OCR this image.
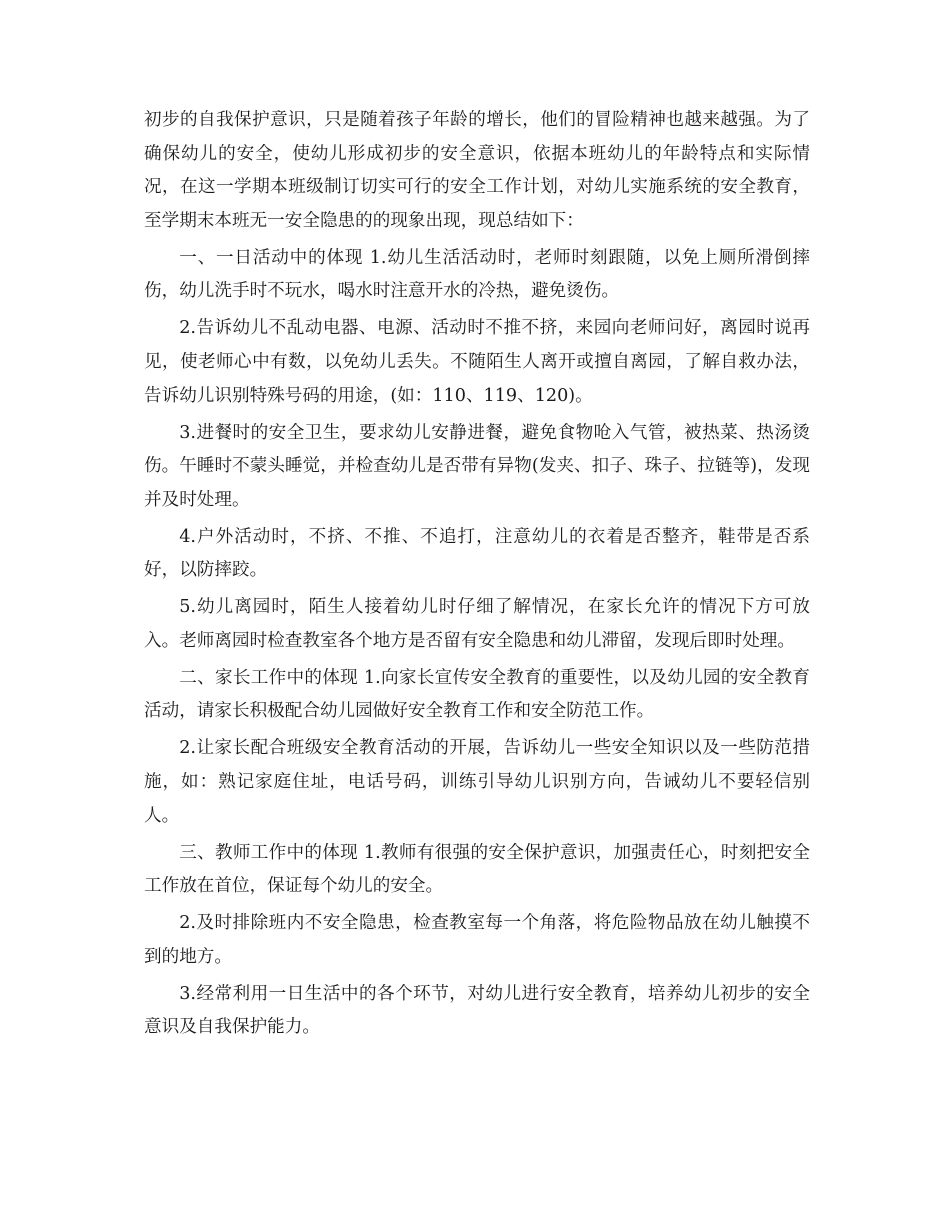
初步的自我保护意识，只是随着孩子年龄的增长，他们的冒险精神也越来越强。为了确保幼儿的安全，使幼儿形成初步的安全意识，依据本班幼儿的年龄特点和实际情况，在这一学期本班级制订切实可行的安全工作计划，对幼儿实施系统的安全教育，至学期末本班无一安全隐患的的现象出现，现总结如下：

一、一日活动中的体现 1.幼儿生活活动时，老师时刻跟随，以免上厕所滑倒摔伤，幼儿洗手时不玩水，喝水时注意开水的冷热，避免烫伤。

2.告诉幼儿不乱动电器、电源、活动时不推不挤，来园向老师问好，离园时说再见，使老师心中有数，以免幼儿丢失。不随陌生人离开或擅自离园，了解自救办法，告诉幼儿识别特殊号码的用途，(如：110、119、120)。

3.进餐时的安全卫生，要求幼儿安静进餐，避免食物呛入气管，被热菜、热汤烫伤。午睡时不蒙头睡觉，并检查幼儿是否带有异物(发夹、扣子、珠子、拉链等)，发现并及时处理。

4.户外活动时，不挤、不推、不追打，注意幼儿的衣着是否整齐，鞋带是否系好，以防摔跤。

5.幼儿离园时，陌生人接着幼儿时仔细了解情况，在家长允许的情况下方可放入。老师离园时检查教室各个地方是否留有安全隐患和幼儿滞留，发现后即时处理。

二、家长工作中的体现 1.向家长宣传安全教育的重要性，以及幼儿园的安全教育活动，请家长积极配合幼儿园做好安全教育工作和安全防范工作。

2.让家长配合班级安全教育活动的开展，告诉幼儿一些安全知识以及一些防范措施，如：熟记家庭住址，电话号码，训练引导幼儿识别方向，告诫幼儿不要轻信别人。

三、教师工作中的体现 1.教师有很强的安全保护意识，加强责任心，时刻把安全工作放在首位，保证每个幼儿的安全。

2.及时排除班内不安全隐患，检查教室每一个角落，将危险物品放在幼儿触摸不到的地方。

3.经常利用一日生活中的各个环节，对幼儿进行安全教育，培养幼儿初步的安全意识及自我保护能力。
